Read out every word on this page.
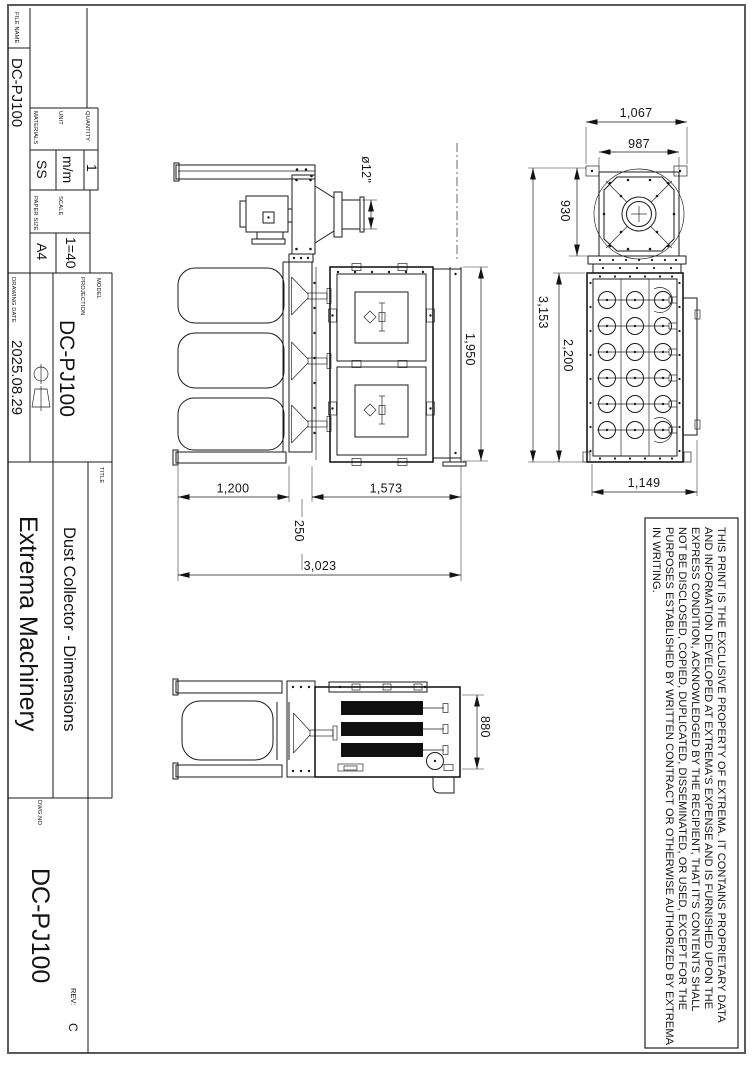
FILE NAME
DC-PJ100
MATERIALS	UNIT	QUANTITY
SS m/m 1
PAPER SIZE	SCALE
A4 1=40
DRAWING DATE
2025.08.29
PROJECTION MODEL
DC-PJ100
TITLE
Dust Collector - Dimensions
Extrema Machinery
DWG.NO
DC-PJ100
REV:
C
1,067
987
930
3,153
2,200
1,149
ø12"
1,950
1,200
250
1,573
3,023
880	THIS PRINT IS THE EXCLUSIVE PROPERTY OF EXTREMA. IT CONTAINS PROPRIETARY DATA
AND INFORMATION DEVELOPED AT EXTREMA'S EXPENSE AND IS FURNISHED UPON THE
EXPRESS CONDITION, ACKNOWLEDGED BY THE RECIPIENT, THAT IT'S CONTENTS SHALL
NOT BE DISCLOSED, COPIED, DUPLICATED, DISSEMINATED, OR USED, EXCEPT FOR THE
PURPOSES ESTABLISHED BY WRITTEN CONTRACT OR OTHERWISE AUTHORIZED BY EXTREMA
IN WRITING.
